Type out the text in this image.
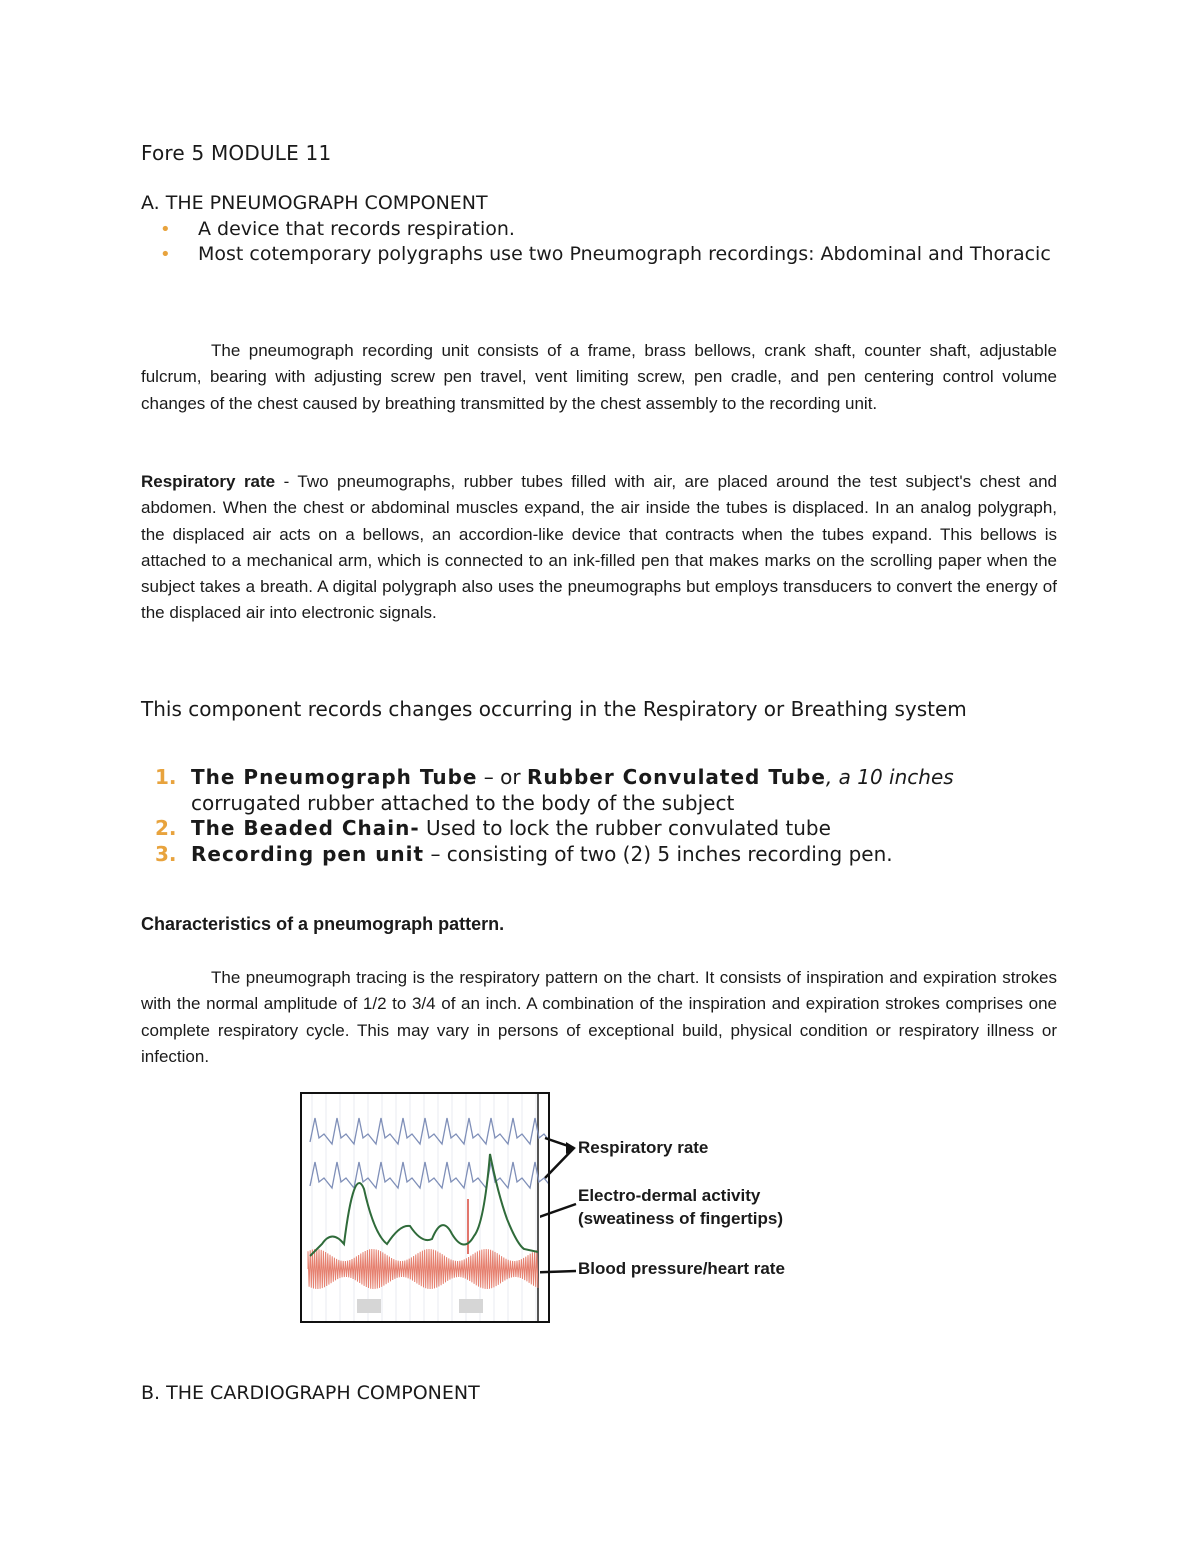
Fore 5 MODULE 11

A. THE PNEUMOGRAPH COMPONENT

• A device that records respiration.
• Most cotemporary polygraphs use two Pneumograph recordings: Abdominal and Thoracic

The pneumograph recording unit consists of a frame, brass bellows, crank shaft, counter shaft, adjustable fulcrum, bearing with adjusting screw pen travel, vent limiting screw, pen cradle, and pen centering control volume changes of the chest caused by breathing transmitted by the chest assembly to the recording unit.

Respiratory rate - Two pneumographs, rubber tubes filled with air, are placed around the test subject's chest and abdomen. When the chest or abdominal muscles expand, the air inside the tubes is displaced. In an analog polygraph, the displaced air acts on a bellows, an accordion-like device that contracts when the tubes expand. This bellows is attached to a mechanical arm, which is connected to an ink-filled pen that makes marks on the scrolling paper when the subject takes a breath. A digital polygraph also uses the pneumographs but employs transducers to convert the energy of the displaced air into electronic signals.

This component records changes occurring in the Respiratory or Breathing system

1. The Pneumograph Tube – or Rubber Convulated Tube, a 10 inches corrugated rubber attached to the body of the subject
2. The Beaded Chain- Used to lock the rubber convulated tube
3. Recording pen unit – consisting of two (2) 5 inches recording pen.

Characteristics of a pneumograph pattern.

The pneumograph tracing is the respiratory pattern on the chart. It consists of inspiration and expiration strokes with the normal amplitude of 1/2 to 3/4 of an inch. A combination of the inspiration and expiration strokes comprises one complete respiratory cycle. This may vary in persons of exceptional build, physical condition or respiratory illness or infection.

Respiratory rate
Electro-dermal activity
(sweatiness of fingertips)
Blood pressure/heart rate

B. THE CARDIOGRAPH COMPONENT
